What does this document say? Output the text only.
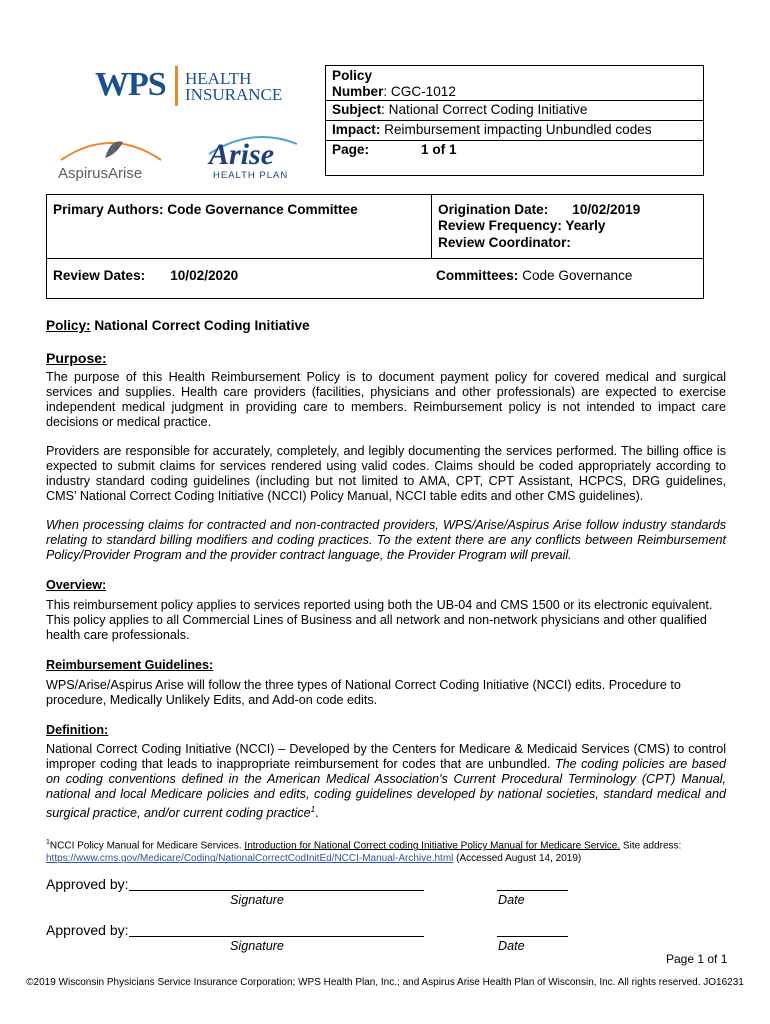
WPS HEALTH
INSURANCE
AspirusArise
Arise
HEALTH PLAN
Policy
Number: CGC-1012
Subject: National Correct Coding Initiative
Impact: Reimbursement impacting Unbundled codes
Page:	1 of 1
Primary Authors: Code Governance Committee	Origination Date: 10/02/2019
Review Frequency: Yearly
Review Coordinator:
Review Dates: 10/02/2020	Committees: Code Governance
Policy: National Correct Coding Initiative
Purpose:
The purpose of this Health Reimbursement Policy is to document payment policy for covered medical and surgical services and supplies. Health care providers (facilities, physicians and other professionals) are expected to exercise independent medical judgment in providing care to members. Reimbursement policy is not intended to impact care decisions or medical practice.
Providers are responsible for accurately, completely, and legibly documenting the services performed. The billing office is expected to submit claims for services rendered using valid codes. Claims should be coded appropriately according to industry standard coding guidelines (including but not limited to AMA, CPT, CPT Assistant, HCPCS, DRG guidelines, CMS’ National Correct Coding Initiative (NCCI) Policy Manual, NCCI table edits and other CMS guidelines).
When processing claims for contracted and non-contracted providers, WPS/Arise/Aspirus Arise follow industry standards relating to standard billing modifiers and coding practices. To the extent there are any conflicts between Reimbursement Policy/Provider Program and the provider contract language, the Provider Program will prevail.
Overview:
This reimbursement policy applies to services reported using both the UB-04 and CMS 1500 or its electronic equivalent. This policy applies to all Commercial Lines of Business and all network and non-network physicians and other qualified health care professionals.
Reimbursement Guidelines:
WPS/Arise/Aspirus Arise will follow the three types of National Correct Coding Initiative (NCCI) edits. Procedure to procedure, Medically Unlikely Edits, and Add-on code edits.
Definition:
National Correct Coding Initiative (NCCI) – Developed by the Centers for Medicare & Medicaid Services (CMS) to control improper coding that leads to inappropriate reimbursement for codes that are unbundled. The coding policies are based on coding conventions defined in the American Medical Association's Current Procedural Terminology (CPT) Manual, national and local Medicare policies and edits, coding guidelines developed by national societies, standard medical and surgical practice, and/or current coding practice$^1$.
$^1$NCCI Policy Manual for Medicare Services. Introduction for National Correct coding Initiative Policy Manual for Medicare Service. Site address:
https://www.cms.gov/Medicare/Coding/NationalCorrectCodInitEd/NCCI-Manual-Archive.html (Accessed August 14, 2019)
Approved by:
Signature	Date
Approved by:
Signature	Date
Page 1 of 1
©2019 Wisconsin Physicians Service Insurance Corporation; WPS Health Plan, Inc.; and Aspirus Arise Health Plan of Wisconsin, Inc. All rights reserved. JO16231
